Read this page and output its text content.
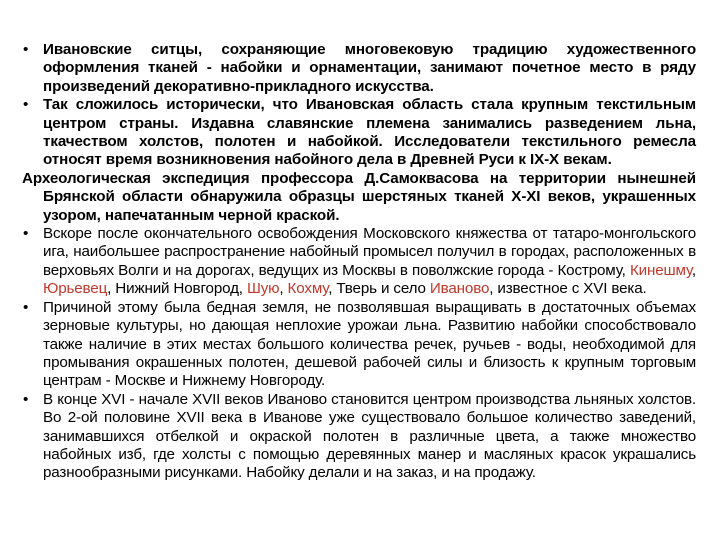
• Ивановские ситцы, сохраняющие многовековую традицию художественного оформления тканей - набойки и орнаментации, занимают почетное место в ряду произведений декоративно-прикладного искусства.

• Так сложилось исторически, что Ивановская область стала крупным текстильным центром страны. Издавна славянские племена занимались разведением льна, ткачеством холстов, полотен и набойкой. Исследователи текстильного ремесла относят время возникновения набойного дела в Древней Руси к IX-X векам.

Археологическая экспедиция профессора Д.Самоквасова на территории нынешней Брянской области обнаружила образцы шерстяных тканей X-XI веков, украшенных узором, напечатанным черной краской.

• Вскоре после окончательного освобождения Московского княжества от татаро-монгольского ига, наибольшее распространение набойный промысел получил в городах, расположенных в верховьях Волги и на дорогах, ведущих из Москвы в поволжские города - Кострому, Кинешму, Юрьевец, Нижний Новгород, Шую, Кохму, Тверь и село Иваново, известное с XVI века.

• Причиной этому была бедная земля, не позволявшая выращивать в достаточных объемах зерновые культуры, но дающая неплохие урожаи льна. Развитию набойки способствовало также наличие в этих местах большого количества речек, ручьев - воды, необходимой для промывания окрашенных полотен, дешевой рабочей силы и близость к крупным торговым центрам - Москве и Нижнему Новгороду.

• В конце XVI - начале XVII веков Иваново становится центром производства льняных холстов. Во 2-ой половине XVII века в Иванове уже существовало большое количество заведений, занимавшихся отбелкой и окраской полотен в различные цвета, а также множество набойных изб, где холсты с помощью деревянных манер и масляных красок украшались разнообразными рисунками. Набойку делали и на заказ, и на продажу.
